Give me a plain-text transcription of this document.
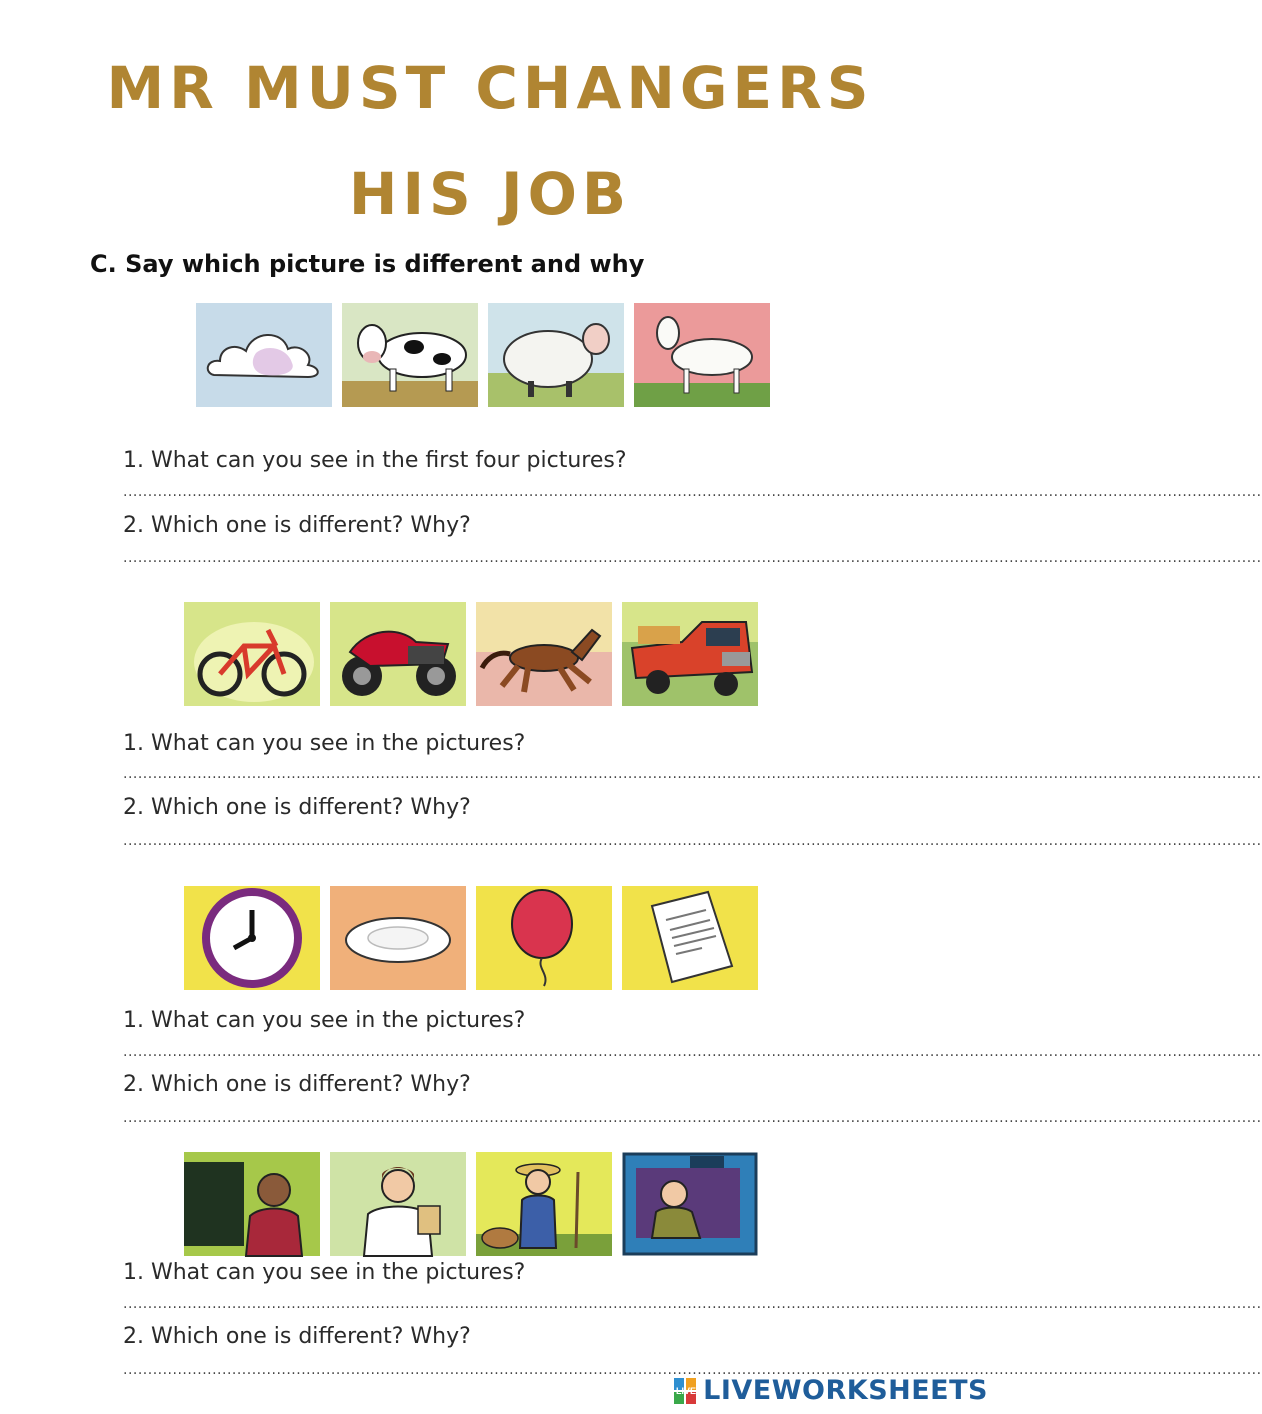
MR MUST CHANGERS
HIS JOB
C. Say which picture is different and why
1. What can you see in the first four pictures?
......................................................................................................................................................................................................................................
2. Which one is different? Why?
......................................................................................................................................................................................................................................
1. What can you see in the pictures?
......................................................................................................................................................................................................................................
2. Which one is different? Why?
......................................................................................................................................................................................................................................
1. What can you see in the pictures?
......................................................................................................................................................................................................................................
2. Which one is different? Why?
......................................................................................................................................................................................................................................
1. What can you see in the pictures?
......................................................................................................................................................................................................................................
2. Which one is different? Why?
......................................................................................................................................................................................................................................
LIVE LIVEWORKSHEETS
